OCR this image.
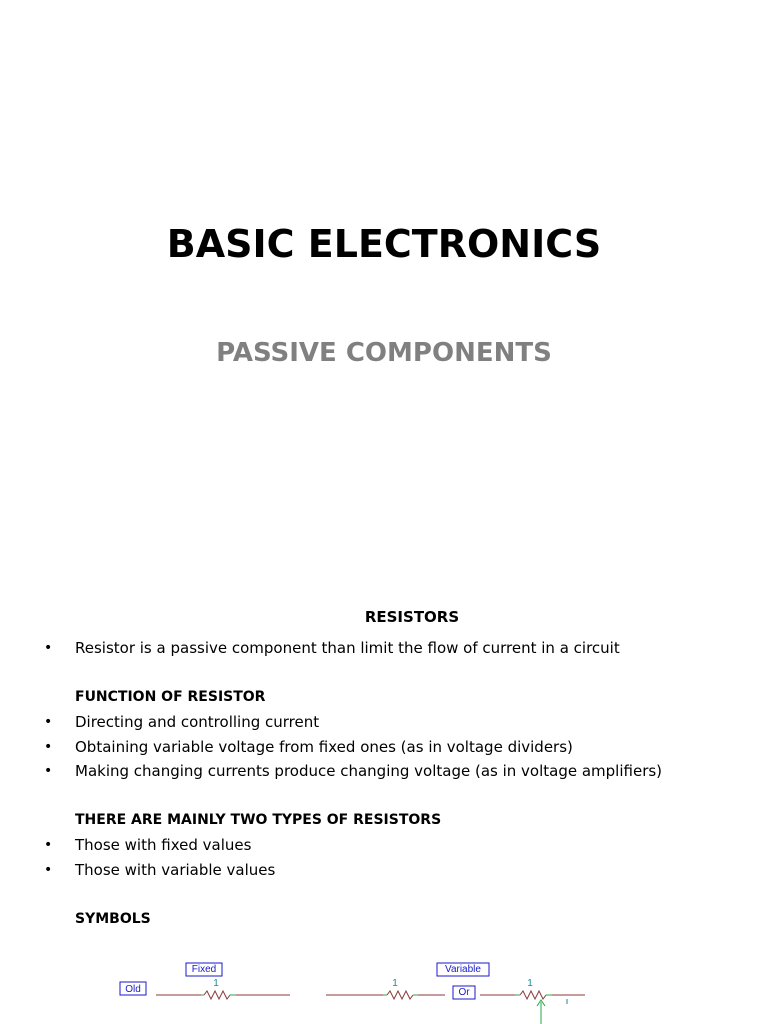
BASIC ELECTRONICS
PASSIVE COMPONENTS
RESISTORS
• Resistor is a passive component than limit the flow of current in a circuit
FUNCTION OF RESISTOR
• Directing and controlling current
• Obtaining variable voltage from fixed ones (as in voltage dividers)
• Making changing currents produce changing voltage (as in voltage amplifiers)
THERE ARE MAINLY TWO TYPES OF RESISTORS
• Those with fixed values
• Those with variable values
SYMBOLS
Old
Fixed
1
Variable
1
Or
1
